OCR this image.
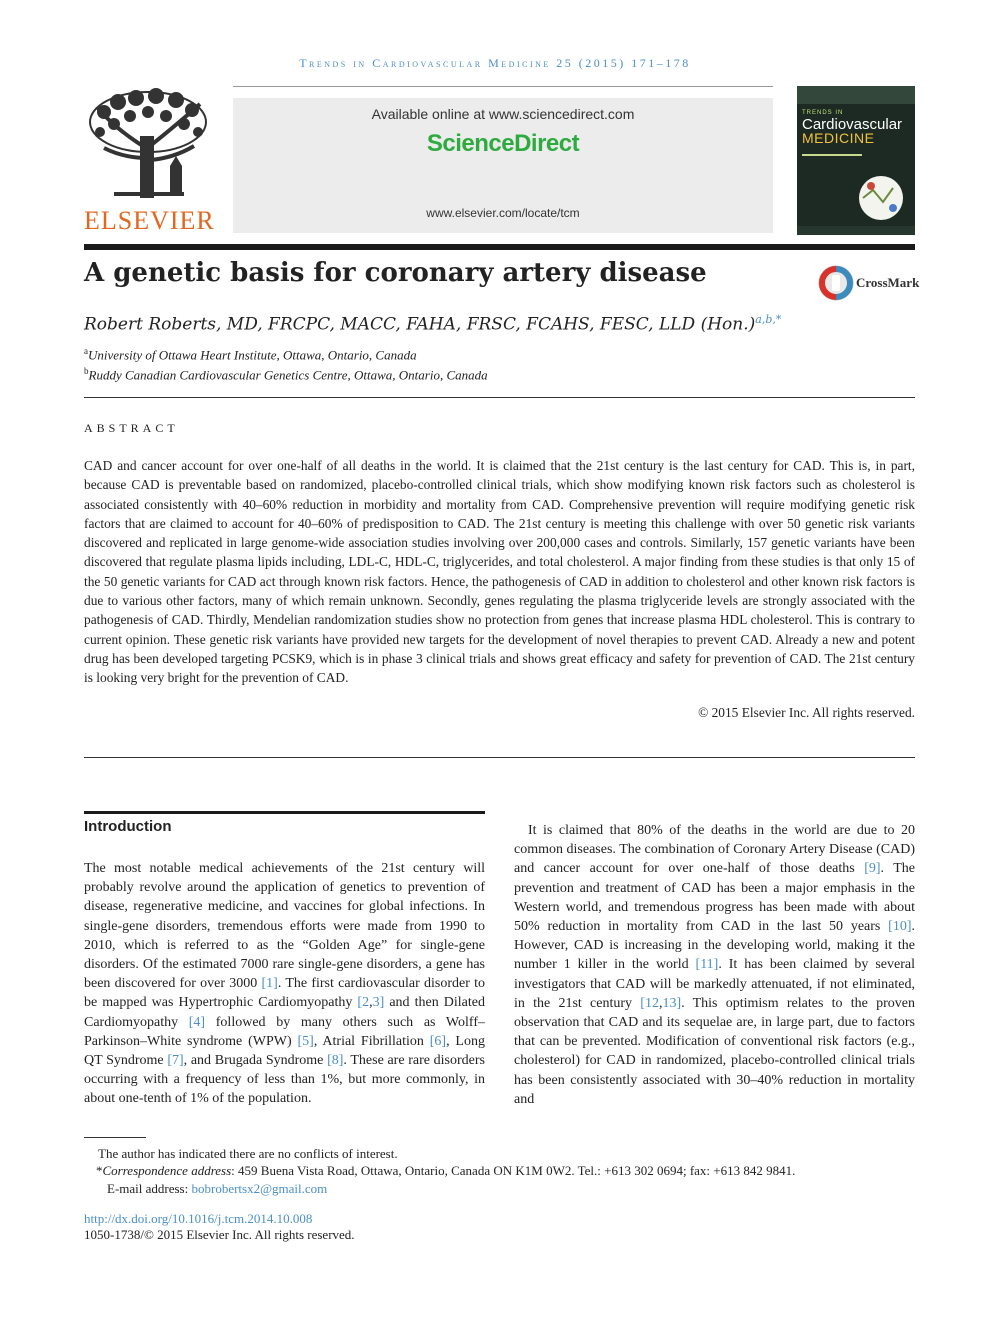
Trends in Cardiovascular Medicine 25 (2015) 171–178
ELSEVIER
Available online at www.sciencedirect.com
ScienceDirect
www.elsevier.com/locate/tcm
TRENDS IN
Cardiovascular
MEDICINE
A genetic basis for coronary artery disease	CrossMark
Robert Roberts, MD, FRCPC, MACC, FAHA, FRSC, FCAHS, FESC, LLD $(Hon.)^{a,b,*}$
$^a$University of Ottawa Heart Institute, Ottawa, Ontario, Canada
$^b$Ruddy Canadian Cardiovascular Genetics Centre, Ottawa, Ontario, Canada
ABSTRACT
CAD and cancer account for over one-half of all deaths in the world. It is claimed that the 21st century is the last century for CAD. This is, in part, because CAD is preventable based on randomized, placebo-controlled clinical trials, which show modifying known risk factors such as cholesterol is associated consistently with 40–60% reduction in morbidity and mortality from CAD. Comprehensive prevention will require modifying genetic risk factors that are claimed to account for 40–60% of predisposition to CAD. The 21st century is meeting this challenge with over 50 genetic risk variants discovered and replicated in large genome-wide association studies involving over 200,000 cases and controls. Similarly, 157 genetic variants have been discovered that regulate plasma lipids including, LDL-C, HDL-C, triglycerides, and total cholesterol. A major finding from these studies is that only 15 of the 50 genetic variants for CAD act through known risk factors. Hence, the pathogenesis of CAD in addition to cholesterol and other known risk factors is due to various other factors, many of which remain unknown. Secondly, genes regulating the plasma triglyceride levels are strongly associated with the pathogenesis of CAD. Thirdly, Mendelian randomization studies show no protection from genes that increase plasma HDL cholesterol. This is contrary to current opinion. These genetic risk variants have provided new targets for the development of novel therapies to prevent CAD. Already a new and potent drug has been developed targeting PCSK9, which is in phase 3 clinical trials and shows great efficacy and safety for prevention of CAD. The 21st century is looking very bright for the prevention of CAD.
© 2015 Elsevier Inc. All rights reserved.
Introduction
The most notable medical achievements of the 21st century will probably revolve around the application of genetics to prevention of disease, regenerative medicine, and vaccines for global infections. In single-gene disorders, tremendous efforts were made from 1990 to 2010, which is referred to as the “Golden Age” for single-gene disorders. Of the estimated 7000 rare single-gene disorders, a gene has been discovered for over 3000 [1]. The first cardiovascular disorder to be mapped was Hypertrophic Cardiomyopathy [2,3] and then Dilated Cardiomyopathy [4] followed by many others such as Wolff–Parkinson–White syndrome (WPW) [5], Atrial Fibrillation [6], Long QT Syndrome [7], and Brugada Syndrome [8]. These are rare disorders occurring with a frequency of less than 1%, but more commonly, in about one-tenth of 1% of the population.
It is claimed that 80% of the deaths in the world are due to 20 common diseases. The combination of Coronary Artery Disease (CAD) and cancer account for over one-half of those deaths [9]. The prevention and treatment of CAD has been a major emphasis in the Western world, and tremendous progress has been made with about 50% reduction in mortality from CAD in the last 50 years [10]. However, CAD is increasing in the developing world, making it the number 1 killer in the world [11]. It has been claimed by several investigators that CAD will be markedly attenuated, if not eliminated, in the 21st century [12,13]. This optimism relates to the proven observation that CAD and its sequelae are, in large part, due to factors that can be prevented. Modification of conventional risk factors (e.g., cholesterol) for CAD in randomized, placebo-controlled clinical trials has been consistently associated with 30–40% reduction in mortality and
The author has indicated there are no conflicts of interest.
*Correspondence address: 459 Buena Vista Road, Ottawa, Ontario, Canada ON K1M 0W2. Tel.: +613 302 0694; fax: +613 842 9841.
E-mail address: bobrobertsx2@gmail.com
http://dx.doi.org/10.1016/j.tcm.2014.10.008
1050-1738/© 2015 Elsevier Inc. All rights reserved.
